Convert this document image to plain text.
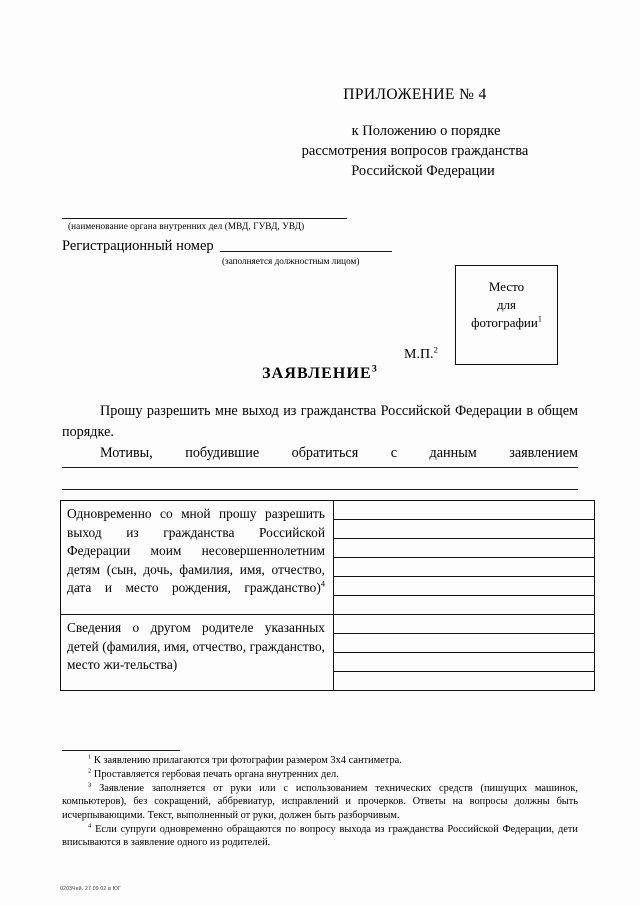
ПРИЛОЖЕНИЕ № 4
к Положению о порядке
рассмотрения вопросов гражданства
Российской Федерации
(наименование органа внутренних дел (МВД, ГУВД, УВД)
Регистрационный номер
(заполняется должностным лицом)
М.П.$^2$
Место
для
фотографии$^1$
ЗАЯВЛЕНИЕ$^3$

Прошу разрешить мне выход из гражданства Российской Федерации в общем порядке.

Мотивы, побудившие обратиться с данным заявлением

Одновременно со мной прошу разрешить выход из гражданства Российской Федерации моим несовершеннолетним детям (сын, дочь, фамилия, имя, отчество, дата и место рождения, гражданство)$^4$

Сведения о другом родителе указанных детей (фамилия, имя, отчество, гражданство, место жи-тельства)	

$^1$ К заявлению прилагаются три фотографии размером 3x4 сантиметра.

$^2$ Проставляется гербовая печать органа внутренних дел.

$^3$ Заявление заполняется от руки или с использованием технических средств (пишущих машинок, компьютеров), без сокращений, аббревиатур, исправлений и прочерков. Ответы на вопросы должны быть исчерпывающими. Текст, выполненный от руки, должен быть разборчивым.

$^4$ Если супруги одновременно обращаются по вопросу выхода из гражданства Российской Федерации, дети вписываются в заявление одного из родителей.

0203Чей. 27 09 02 в ЮГ
